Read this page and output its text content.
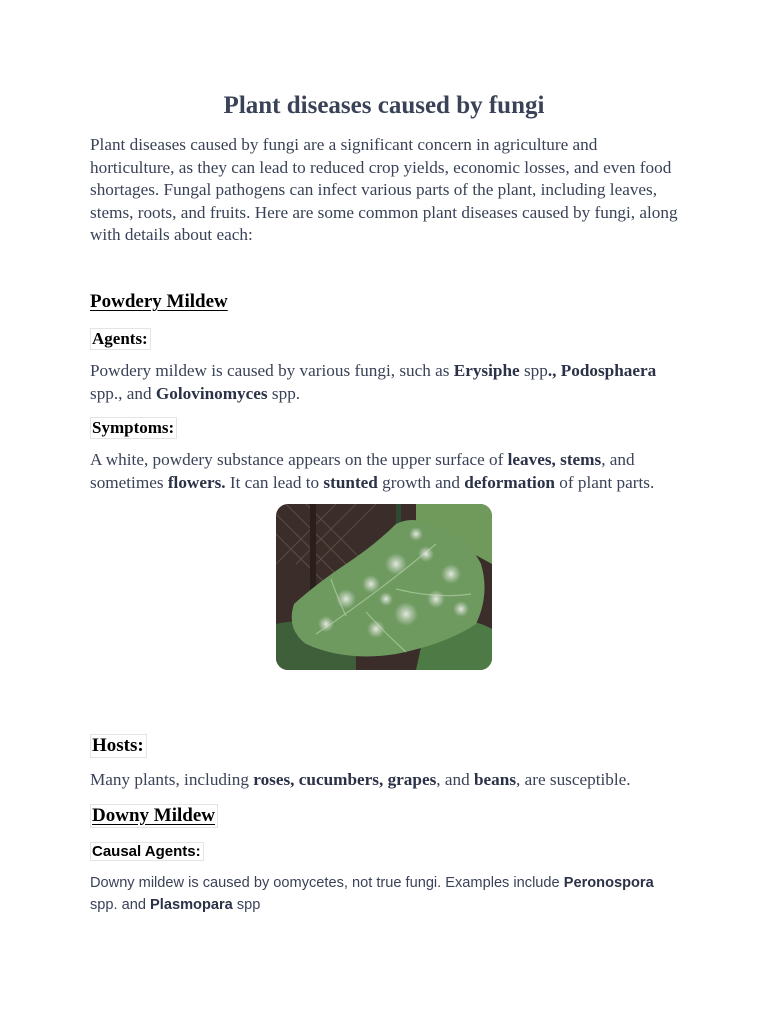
Plant diseases caused by fungi

Plant diseases caused by fungi are a significant concern in agriculture and horticulture, as they can lead to reduced crop yields, economic losses, and even food shortages. Fungal pathogens can infect various parts of the plant, including leaves, stems, roots, and fruits. Here are some common plant diseases caused by fungi, along with details about each:

Powdery Mildew
Agents:

Powdery mildew is caused by various fungi, such as Erysiphe spp., Podosphaera spp., and Golovinomyces spp.

Symptoms:

A white, powdery substance appears on the upper surface of leaves, stems, and sometimes flowers. It can lead to stunted growth and deformation of plant parts.

Hosts:

Many plants, including roses, cucumbers, grapes, and beans, are susceptible.

Downy Mildew
Causal Agents:

Downy mildew is caused by oomycetes, not true fungi. Examples include Peronospora spp. and Plasmopara spp
